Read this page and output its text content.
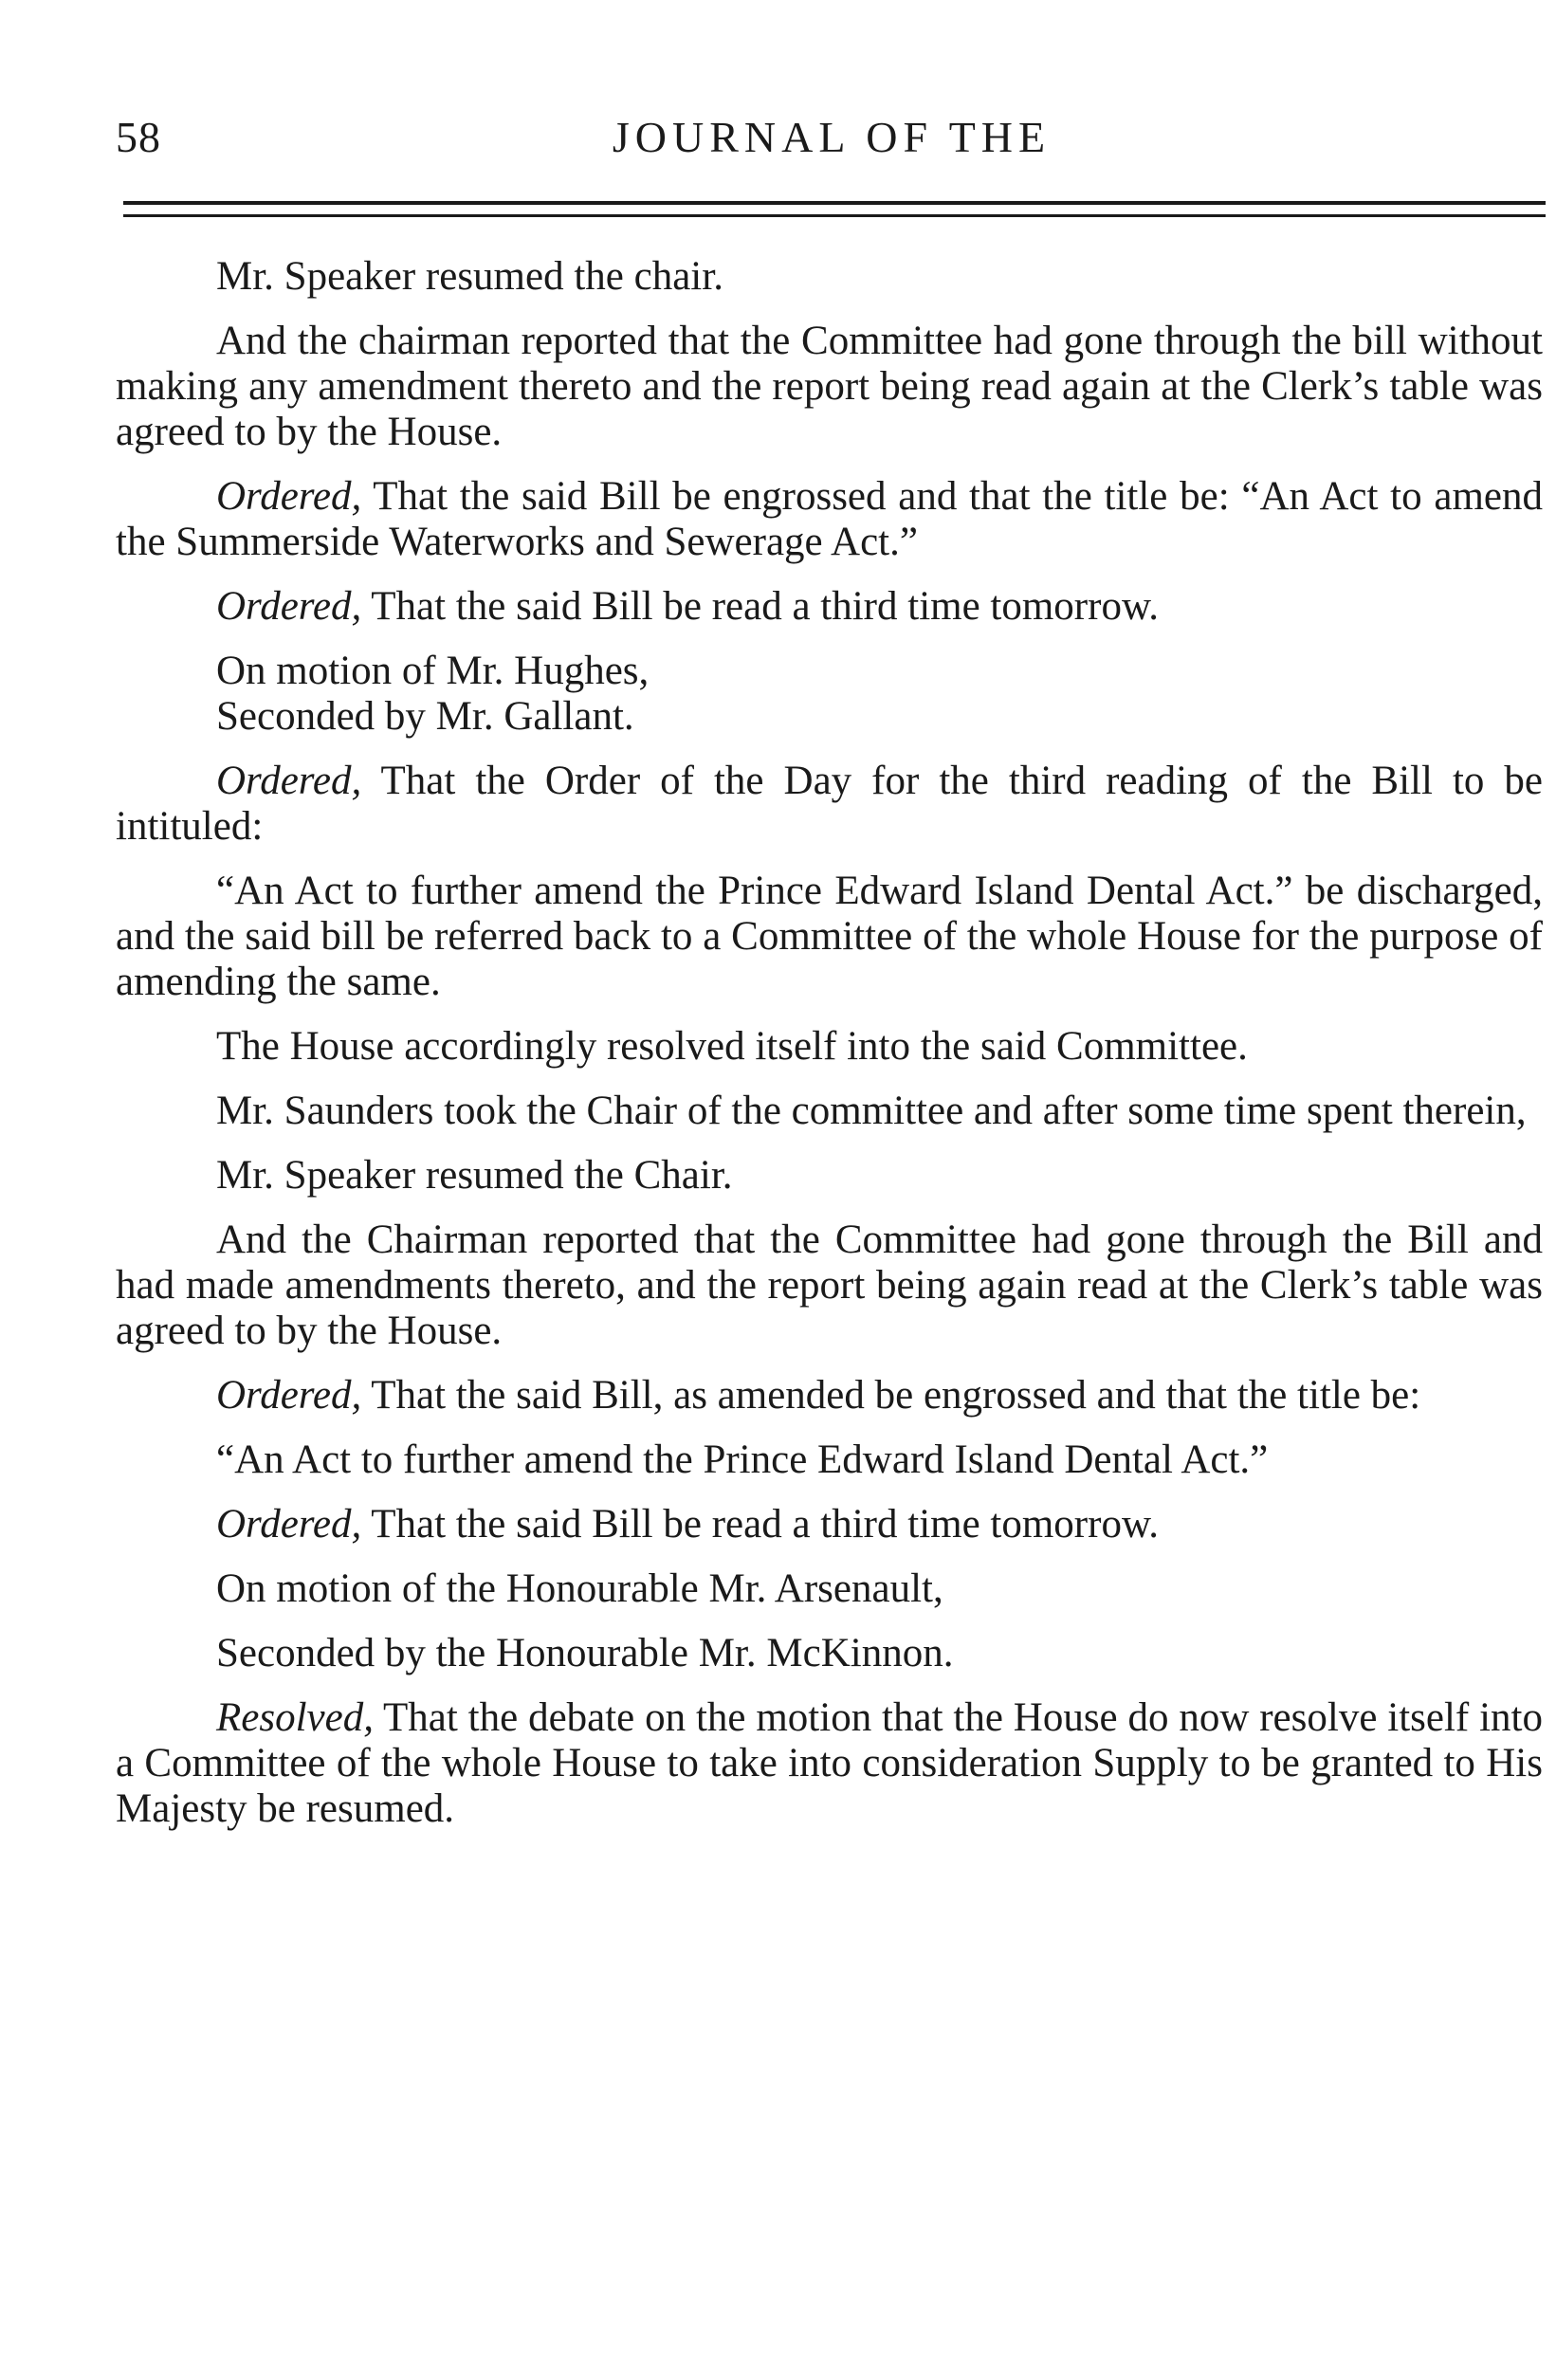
58	JOURNAL OF THE

Mr. Speaker resumed the chair.

And the chairman reported that the Committee had gone through the bill without making any amendment thereto and the report being read again at the Clerk’s table was agreed to by the House.

Ordered, That the said Bill be engrossed and that the title be: “An Act to amend the Summerside Waterworks and Sewerage Act.”

Ordered, That the said Bill be read a third time tomorrow.

On motion of Mr. Hughes,

Seconded by Mr. Gallant.

Ordered, That the Order of the Day for the third reading of the Bill to be intituled:

“An Act to further amend the Prince Edward Island Dental Act.” be discharged, and the said bill be referred back to a Committee of the whole House for the purpose of amending the same.

The House accordingly resolved itself into the said Committee.

Mr. Saunders took the Chair of the committee and after some time spent therein,

Mr. Speaker resumed the Chair.

And the Chairman reported that the Committee had gone through the Bill and had made amendments thereto, and the report being again read at the Clerk’s table was agreed to by the House.

Ordered, That the said Bill, as amended be engrossed and that the title be:

“An Act to further amend the Prince Edward Island Dental Act.”

Ordered, That the said Bill be read a third time tomorrow.

On motion of the Honourable Mr. Arsenault,

Seconded by the Honourable Mr. McKinnon.

Resolved, That the debate on the motion that the House do now resolve itself into a Committee of the whole House to take into consideration Supply to be granted to His Majesty be resumed.
